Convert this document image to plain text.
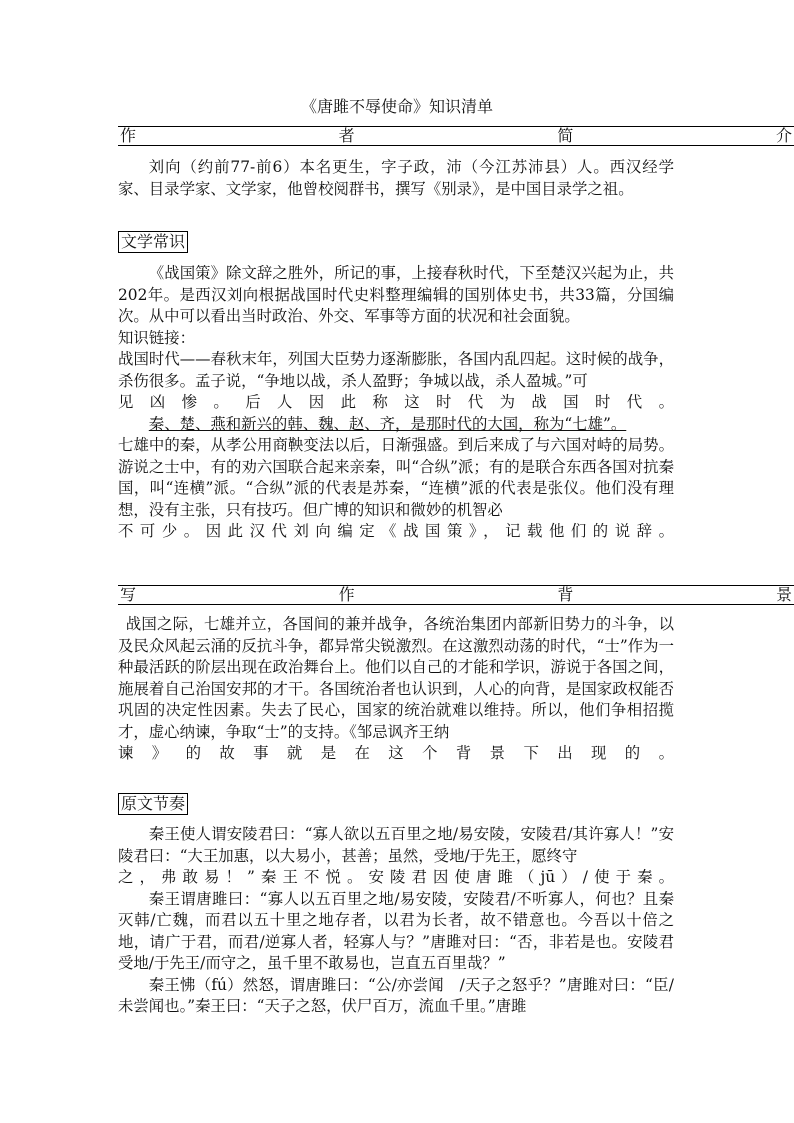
《唐雎不辱使命》知识清单
作	者	简	介

刘向（约前77-前6）本名更生，字子政，沛（今江苏沛县）人。西汉经学家、目录学家、文学家，他曾校阅群书，撰写《别录》，是中国目录学之祖。

文学常识

《战国策》除文辞之胜外，所记的事，上接春秋时代，下至楚汉兴起为止，共202年。是西汉刘向根据战国时代史料整理编辑的国别体史书，共33篇，分国编次。从中可以看出当时政治、外交、军事等方面的状况和社会面貌。

知识链接：

战国时代——春秋末年，列国大臣势力逐渐膨胀，各国内乱四起。这时候的战争，杀伤很多。孟子说，“争地以战，杀人盈野；争城以战，杀人盈城。”可

见凶惨。后人因此称这时代为战国时代。

秦、楚、燕和新兴的韩、魏、赵、齐，是那时代的大国，称为“七雄”。

七雄中的秦，从孝公用商鞅变法以后，日渐强盛。到后来成了与六国对峙的局势。游说之士中，有的劝六国联合起来亲秦，叫“合纵”派；有的是联合东西各国对抗秦国，叫“连横”派。“合纵”派的代表是苏秦，“连横”派的代表是张仪。他们没有理想，没有主张，只有技巧。但广博的知识和微妙的机智必

不可少。因此汉代刘向编定《战国策》，记载他们的说辞。

写	作	背	景

战国之际，七雄并立，各国间的兼并战争，各统治集团内部新旧势力的斗争，以及民众风起云涌的反抗斗争，都异常尖锐激烈。在这激烈动荡的时代，“士”作为一种最活跃的阶层出现在政治舞台上。他们以自己的才能和学识，游说于各国之间，施展着自己治国安邦的才干。各国统治者也认识到，人心的向背，是国家政权能否巩固的决定性因素。失去了民心，国家的统治就难以维持。所以，他们争相招揽才，虚心纳谏，争取“士”的支持。《邹忌讽齐王纳

谏》的故事就是在这个背景下出现的。

原文节奏

秦王使人谓安陵君曰：“寡人欲以五百里之地/易安陵，安陵君/其许寡人！”安陵君曰：“大王加惠，以大易小，甚善；虽然，受地/于先王，愿终守

之，弗敢易！”秦王不悦。安陵君因使唐雎（jū）/使于秦。

秦王谓唐雎曰：“寡人以五百里之地/易安陵，安陵君/不听寡人，何也？且秦灭韩/亡魏，而君以五十里之地存者，以君为长者，故不错意也。今吾以十倍之地，请广于君，而君/逆寡人者，轻寡人与？”唐雎对曰：“否，非若是也。安陵君受地/于先王/而守之，虽千里不敢易也，岂直五百里哉？”

秦王怫（fú）然怒，谓唐雎曰：“公/亦尝闻　/天子之怒乎？”唐雎对曰：“臣/未尝闻也。”秦王曰：“天子之怒，伏尸百万，流血千里。”唐雎
